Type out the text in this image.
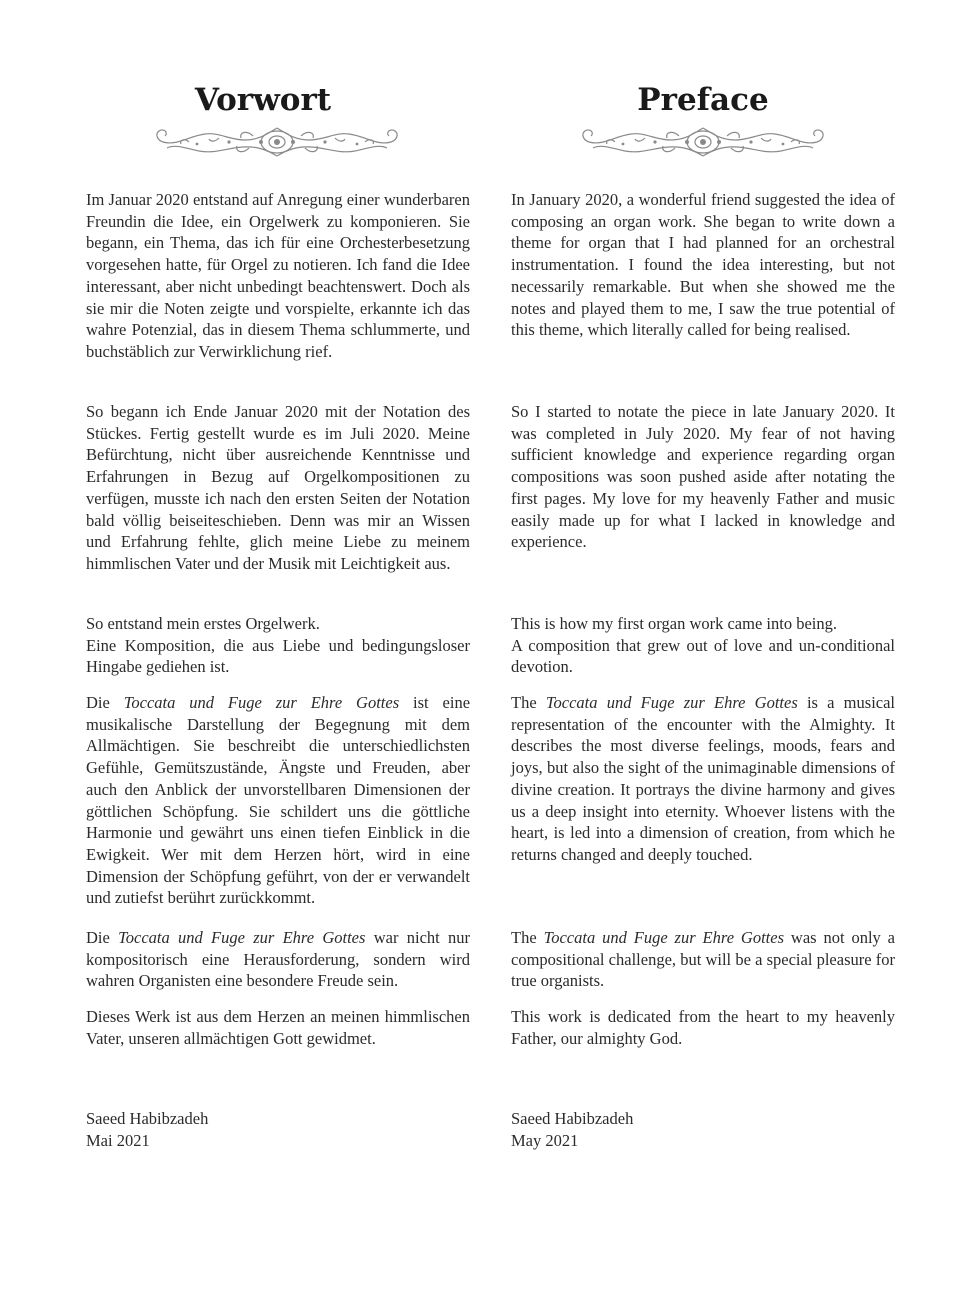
Vorwort

Im Januar 2020 entstand auf Anregung einer wunderbaren Freundin die Idee, ein Orgelwerk zu komponieren. Sie begann, ein Thema, das ich für eine Orchesterbesetzung vorgesehen hatte, für Orgel zu notieren. Ich fand die Idee interessant, aber nicht unbedingt beachtenswert. Doch als sie mir die Noten zeigte und vorspielte, erkannte ich das wahre Potenzial, das in diesem Thema schlummerte, und buchstäblich zur Verwirklichung rief.

So begann ich Ende Januar 2020 mit der Notation des Stückes. Fertig gestellt wurde es im Juli 2020. Meine Befürchtung, nicht über ausreichende Kenntnisse und Erfahrungen in Bezug auf Orgelkompositionen zu verfügen, musste ich nach den ersten Seiten der Notation bald völlig beiseiteschieben. Denn was mir an Wissen und Erfahrung fehlte, glich meine Liebe zu meinem himmlischen Vater und der Musik mit Leichtigkeit aus.

So entstand mein erstes Orgelwerk.
Eine Komposition, die aus Liebe und bedingungsloser Hingabe gediehen ist.

Die Toccata und Fuge zur Ehre Gottes ist eine musikalische Darstellung der Begegnung mit dem Allmächtigen. Sie beschreibt die unterschiedlichsten Gefühle, Gemütszustände, Ängste und Freuden, aber auch den Anblick der unvorstellbaren Dimensionen der göttlichen Schöpfung. Sie schildert uns die göttliche Harmonie und gewährt uns einen tiefen Einblick in die Ewigkeit. Wer mit dem Herzen hört, wird in eine Dimension der Schöpfung geführt, von der er verwandelt und zutiefst berührt zurückkommt.

Die Toccata und Fuge zur Ehre Gottes war nicht nur kompositorisch eine Herausforderung, sondern wird wahren Organisten eine besondere Freude sein.

Dieses Werk ist aus dem Herzen an meinen himmlischen Vater, unseren allmächtigen Gott gewidmet.

Saeed Habibzadeh

Mai 2021

Preface

In January 2020, a wonderful friend suggested the idea of composing an organ work. She began to write down a theme for organ that I had planned for an orchestral instrumentation. I found the idea interesting, but not necessarily remarkable. But when she showed me the notes and played them to me, I saw the true potential of this theme, which literally called for being realised.

So I started to notate the piece in late January 2020. It was completed in July 2020. My fear of not having sufficient knowledge and experience regarding organ compositions was soon pushed aside after notating the first pages. My love for my heavenly Father and music easily made up for what I lacked in knowledge and experience.

This is how my first organ work came into being.
A composition that grew out of love and un-conditional devotion.

The Toccata und Fuge zur Ehre Gottes is a musical representation of the encounter with the Almighty. It describes the most diverse feelings, moods, fears and joys, but also the sight of the unimaginable dimensions of divine creation. It portrays the divine harmony and gives us a deep insight into eternity. Whoever listens with the heart, is led into a dimension of creation, from which he returns changed and deeply touched.

The Toccata und Fuge zur Ehre Gottes was not only a compositional challenge, but will be a special pleasure for true organists.

This work is dedicated from the heart to my heavenly Father, our almighty God.

Saeed Habibzadeh

May 2021
